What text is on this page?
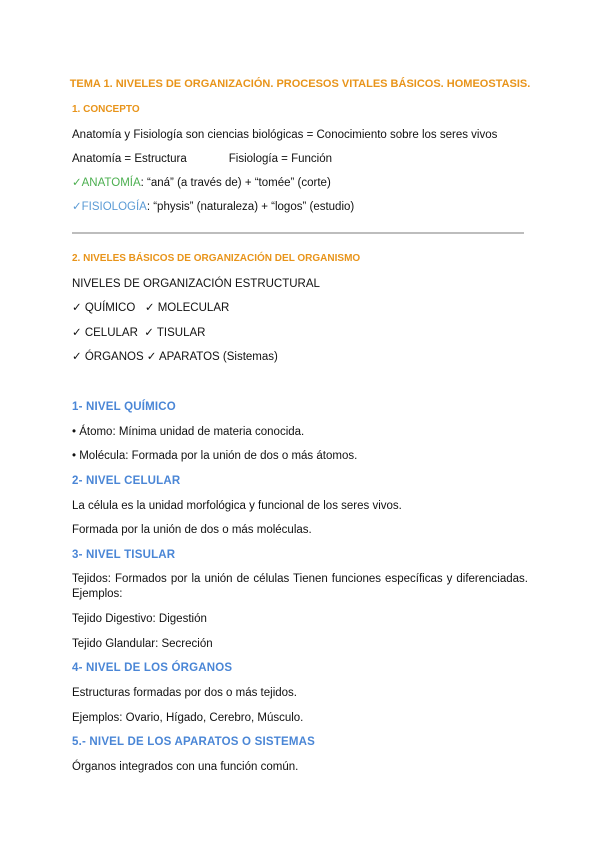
TEMA 1. NIVELES DE ORGANIZACIÓN. PROCESOS VITALES BÁSICOS. HOMEOSTASIS.
1. CONCEPTO
Anatomía y Fisiología son ciencias biológicas = Conocimiento sobre los seres vivos
Anatomía = Estructura	Fisiología = Función
✓ANATOMÍA: “aná” (a través de) + “tomée” (corte)
✓FISIOLOGÍA: “physis” (naturaleza) + “logos” (estudio)
2. NIVELES BÁSICOS DE ORGANIZACIÓN DEL ORGANISMO
NIVELES DE ORGANIZACIÓN ESTRUCTURAL
✓ QUÍMICO   ✓ MOLECULAR
✓ CELULAR  ✓ TISULAR
✓ ÓRGANOS ✓ APARATOS (Sistemas)
1- NIVEL QUÍMICO
• Átomo: Mínima unidad de materia conocida.
• Molécula: Formada por la unión de dos o más átomos.
2- NIVEL CELULAR
La célula es la unidad morfológica y funcional de los seres vivos.
Formada por la unión de dos o más moléculas.
3- NIVEL TISULAR
Tejidos: Formados por la unión de células Tienen funciones específicas y diferenciadas. Ejemplos:
Tejido Digestivo: Digestión
Tejido Glandular: Secreción
4- NIVEL DE LOS ÓRGANOS
Estructuras formadas por dos o más tejidos.
Ejemplos: Ovario, Hígado, Cerebro, Músculo.
5.- NIVEL DE LOS APARATOS O SISTEMAS
Órganos integrados con una función común.
